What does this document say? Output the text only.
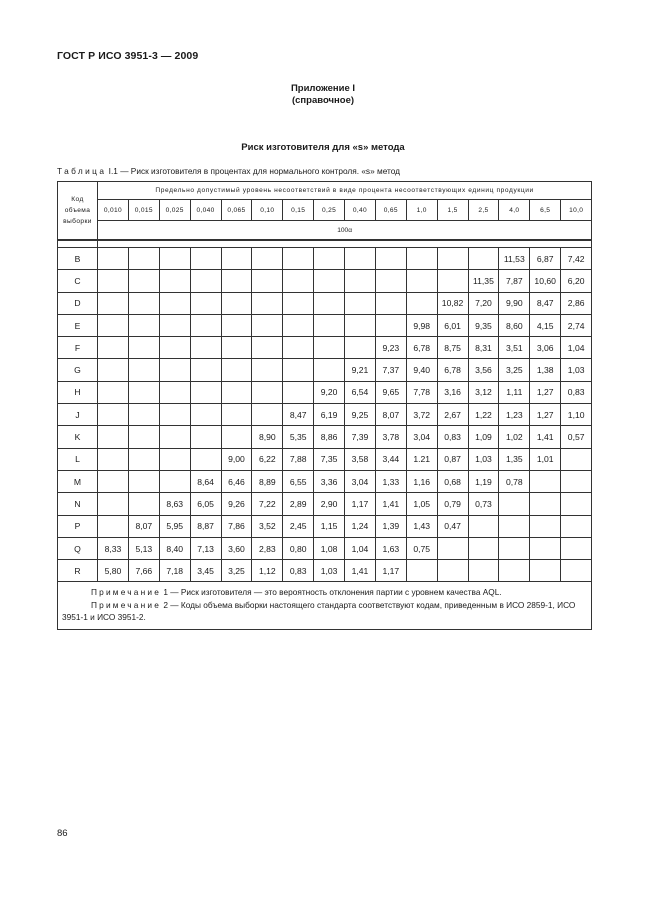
ГОСТ Р ИСО 3951-3 — 2009
Приложение I
(справочное)
Риск изготовителя для «s» метода
Таблица I.1 — Риск изготовителя в процентах для нормального контроля. «s» метод
Код объема выборки	Предельно допустимый уровень несоответствий в виде процента несоответствующих единиц продукции															
	0,010	0,015	0,025	0,040	0,065	0,10	0,15	0,25	0,40	0,65	1,0	1,5	2,5	4,0	6,5	10,0
	100α															

B														11,53	6,87	7,42
C													11,35	7,87	10,60	6,20
D												10,82	7,20	9,90	8,47	2,86
E											9,98	6,01	9,35	8,60	4,15	2,74
F										9,23	6,78	8,75	8,31	3,51	3,06	1,04
G									9,21	7,37	9,40	6,78	3,56	3,25	1,38	1,03
H								9,20	6,54	9,65	7,78	3,16	3,12	1,11	1,27	0,83
J							8,47	6,19	9,25	8,07	3,72	2,67	1,22	1,23	1,27	1,10
K						8,90	5,35	8,86	7,39	3,78	3,04	0,83	1,09	1,02	1,41	0,57
L					9,00	6,22	7,88	7,35	3,58	3,44	1.21	0,87	1,03	1,35	1,01	
M				8,64	6,46	8,89	6,55	3,36	3,04	1,33	1,16	0,68	1,19	0,78		
N			8,63	6,05	9,26	7,22	2,89	2,90	1,17	1,41	1,05	0,79	0,73			
P		8,07	5,95	8,87	7,86	3,52	2,45	1,15	1,24	1,39	1,43	0,47				
Q	8,33	5,13	8,40	7,13	3,60	2,83	0,80	1,08	1,04	1,63	0,75					
R	5,80	7,66	7,18	3,45	3,25	1,12	0,83	1,03	1,41	1,17						

Примечание 1 — Риск изготовителя — это вероятность отклонения партии с уровнем качества AQL.
Примечание 2 — Коды объема выборки настоящего стандарта соответствуют кодам, приведенным в ИСО 2859-1, ИСО 3951-1 и ИСО 3951-2.																
86
